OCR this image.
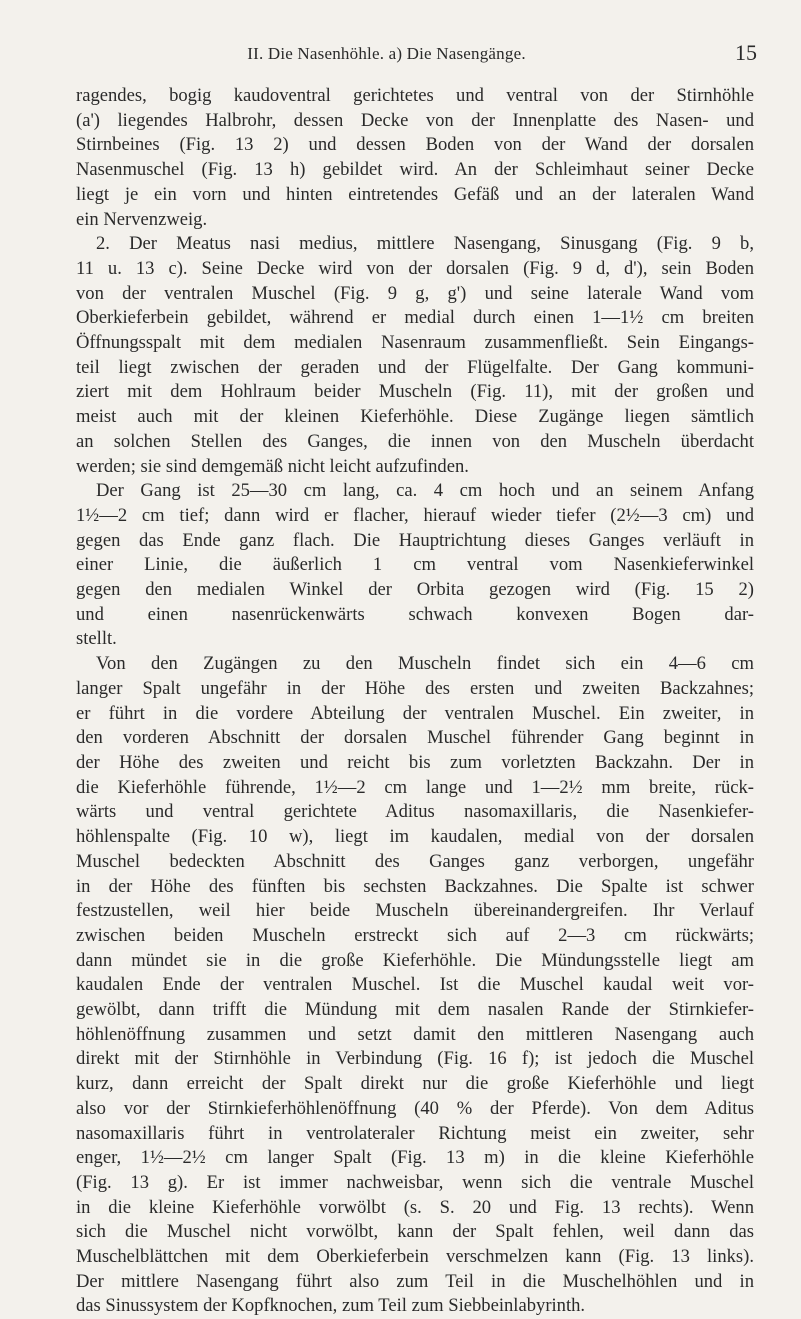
II. Die Nasenhöhle. a) Die Nasengänge.	15
ragendes, bogig kaudoventral gerichtetes und ventral von der Stirnhöhle
(a') liegendes Halbrohr, dessen Decke von der Innenplatte des Nasen- und
Stirnbeines (Fig. 13 2) und dessen Boden von der Wand der dorsalen
Nasenmuschel (Fig. 13 h) gebildet wird. An der Schleimhaut seiner Decke
liegt je ein vorn und hinten eintretendes Gefäß und an der lateralen Wand
ein Nervenzweig.
2. Der Meatus nasi medius, mittlere Nasengang, Sinusgang (Fig. 9 b,
11 u. 13 c). Seine Decke wird von der dorsalen (Fig. 9 d, d'), sein Boden
von der ventralen Muschel (Fig. 9 g, g') und seine laterale Wand vom
Oberkieferbein gebildet, während er medial durch einen 1—1½ cm breiten
Öffnungsspalt mit dem medialen Nasenraum zusammenfließt. Sein Eingangs-
teil liegt zwischen der geraden und der Flügelfalte. Der Gang kommuni-
ziert mit dem Hohlraum beider Muscheln (Fig. 11), mit der großen und
meist auch mit der kleinen Kieferhöhle. Diese Zugänge liegen sämtlich
an solchen Stellen des Ganges, die innen von den Muscheln überdacht
werden; sie sind demgemäß nicht leicht aufzufinden.
Der Gang ist 25—30 cm lang, ca. 4 cm hoch und an seinem Anfang
1½—2 cm tief; dann wird er flacher, hierauf wieder tiefer (2½—3 cm) und
gegen das Ende ganz flach. Die Hauptrichtung dieses Ganges verläuft in
einer Linie, die äußerlich 1 cm ventral vom Nasenkieferwinkel
gegen den medialen Winkel der Orbita gezogen wird (Fig. 15 2)
und einen nasenrückenwärts schwach konvexen Bogen dar-
stellt.
Von den Zugängen zu den Muscheln findet sich ein 4—6 cm
langer Spalt ungefähr in der Höhe des ersten und zweiten Backzahnes;
er führt in die vordere Abteilung der ventralen Muschel. Ein zweiter, in
den vorderen Abschnitt der dorsalen Muschel führender Gang beginnt in
der Höhe des zweiten und reicht bis zum vorletzten Backzahn. Der in
die Kieferhöhle führende, 1½—2 cm lange und 1—2½ mm breite, rück-
wärts und ventral gerichtete Aditus nasomaxillaris, die Nasenkiefer-
höhlenspalte (Fig. 10 w), liegt im kaudalen, medial von der dorsalen
Muschel bedeckten Abschnitt des Ganges ganz verborgen, ungefähr
in der Höhe des fünften bis sechsten Backzahnes. Die Spalte ist schwer
festzustellen, weil hier beide Muscheln übereinandergreifen. Ihr Verlauf
zwischen beiden Muscheln erstreckt sich auf 2—3 cm rückwärts;
dann mündet sie in die große Kieferhöhle. Die Mündungsstelle liegt am
kaudalen Ende der ventralen Muschel. Ist die Muschel kaudal weit vor-
gewölbt, dann trifft die Mündung mit dem nasalen Rande der Stirnkiefer-
höhlenöffnung zusammen und setzt damit den mittleren Nasengang auch
direkt mit der Stirnhöhle in Verbindung (Fig. 16 f); ist jedoch die Muschel
kurz, dann erreicht der Spalt direkt nur die große Kieferhöhle und liegt
also vor der Stirnkieferhöhlenöffnung (40 % der Pferde). Von dem Aditus
nasomaxillaris führt in ventrolateraler Richtung meist ein zweiter, sehr
enger, 1½—2½ cm langer Spalt (Fig. 13 m) in die kleine Kieferhöhle
(Fig. 13 g). Er ist immer nachweisbar, wenn sich die ventrale Muschel
in die kleine Kieferhöhle vorwölbt (s. S. 20 und Fig. 13 rechts). Wenn
sich die Muschel nicht vorwölbt, kann der Spalt fehlen, weil dann das
Muschelblättchen mit dem Oberkieferbein verschmelzen kann (Fig. 13 links).
Der mittlere Nasengang führt also zum Teil in die Muschelhöhlen und in
das Sinussystem der Kopfknochen, zum Teil zum Siebbeinlabyrinth.
